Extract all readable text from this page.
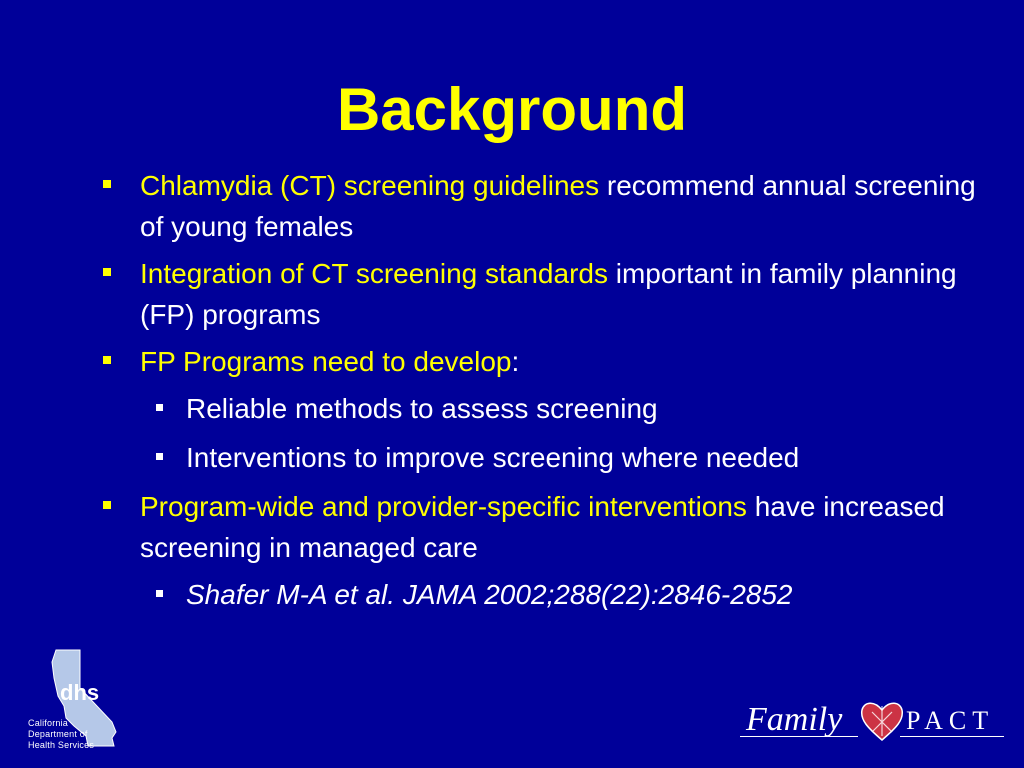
Background
Chlamydia (CT) screening guidelines recommend annual screening of young females
Integration of CT screening standards important in family planning (FP) programs
FP Programs need to develop:
Reliable methods to assess screening
Interventions to improve screening where needed
Program-wide and provider-specific interventions have increased screening in managed care
Shafer M-A et al. JAMA 2002;288(22):2846-2852
dhs
California
Department of
Health Services
Family PACT
